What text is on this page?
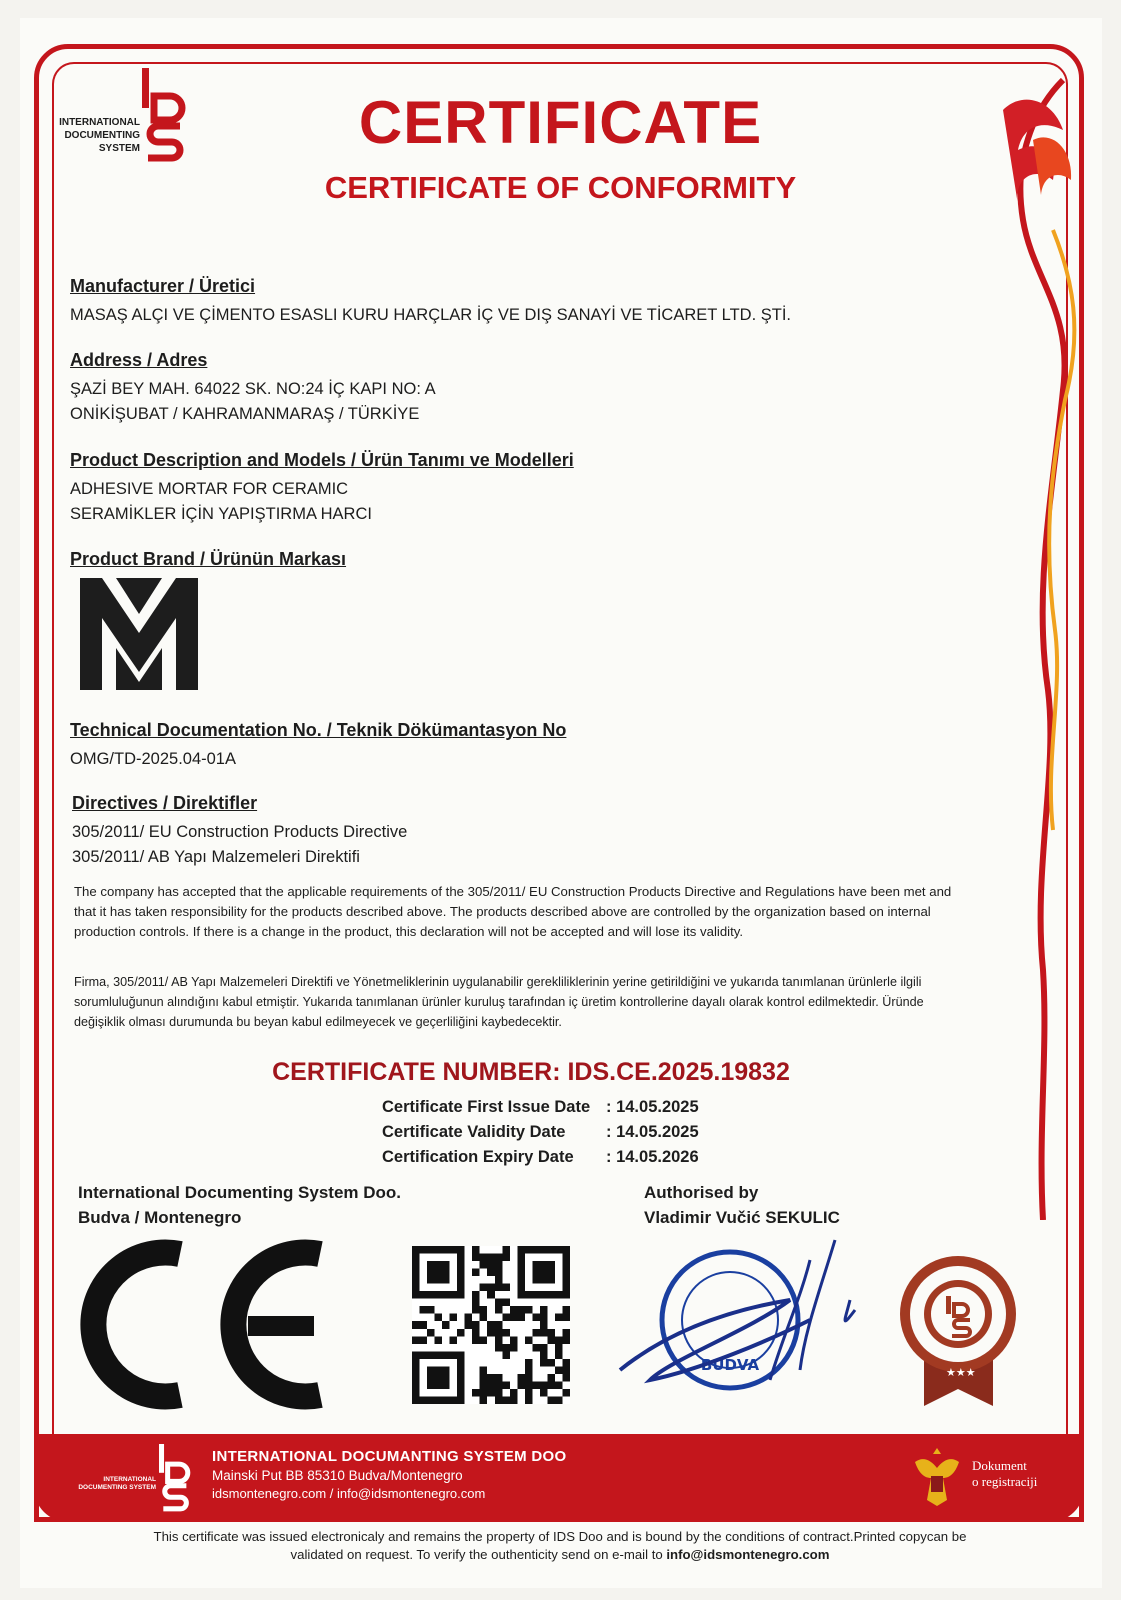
INTERNATIONAL DOCUMENTING SYSTEM	CERTIFICATE
CERTIFICATE OF CONFORMITY
Manufacturer / Üretici
MASAŞ ALÇI VE ÇİMENTO ESASLI KURU HARÇLAR İÇ VE DIŞ SANAYİ VE TİCARET LTD. ŞTİ.
Address / Adres
ŞAZİ BEY MAH. 64022 SK. NO:24 İÇ KAPI NO: A
ONİKİŞUBAT / KAHRAMANMARAŞ / TÜRKİYE
Product Description and Models / Ürün Tanımı ve Modelleri
ADHESIVE MORTAR FOR CERAMIC
SERAMİKLER İÇİN YAPIŞTIRMA HARCI
Product Brand / Ürünün Markası
Technical Documentation No. / Teknik Dökümantasyon No
OMG/TD-2025.04-01A
Directives / Direktifler
305/2011/ EU Construction Products Directive
305/2011/ AB Yapı Malzemeleri Direktifi
The company has accepted that the applicable requirements of the 305/2011/ EU Construction Products Directive and Regulations have been met and that it has taken responsibility for the products described above. The products described above are controlled by the organization based on internal production controls. If there is a change in the product, this declaration will not be accepted and will lose its validity.
Firma, 305/2011/ AB Yapı Malzemeleri Direktifi ve Yönetmeliklerinin uygulanabilir gerekliliklerinin yerine getirildiğini ve yukarıda tanımlanan ürünlerle ilgili sorumluluğunun alındığını kabul etmiştir. Yukarıda tanımlanan ürünler kuruluş tarafından iç üretim kontrollerine dayalı olarak kontrol edilmektedir. Üründe değişiklik olması durumunda bu beyan kabul edilmeyecek ve geçerliliğini kaybedecektir.
CERTIFICATE NUMBER: IDS.CE.2025.19832
Certificate First Issue Date : 14.05.2025
Certificate Validity Date	: 14.05.2025
Certification Expiry Date	: 14.05.2026
International Documenting System Doo.
Budva / Montenegro
Authorised by
Vladimir Vučić SEKULIC
BUDVA	★★★
INTERNATIONAL DOCUMENTING SYSTEM
INTERNATIONAL DOCUMANTING SYSTEM DOO
Mainski Put BB 85310 Budva/Montenegro
idsmontenegro.com / info@idsmontenegro.com
Dokument
o registraciji
This certificate was issued electronicaly and remains the property of IDS Doo and is bound by the conditions of contract.Printed copycan be
validated on request. To verify the outhenticity send on e-mail to info@idsmontenegro.com
